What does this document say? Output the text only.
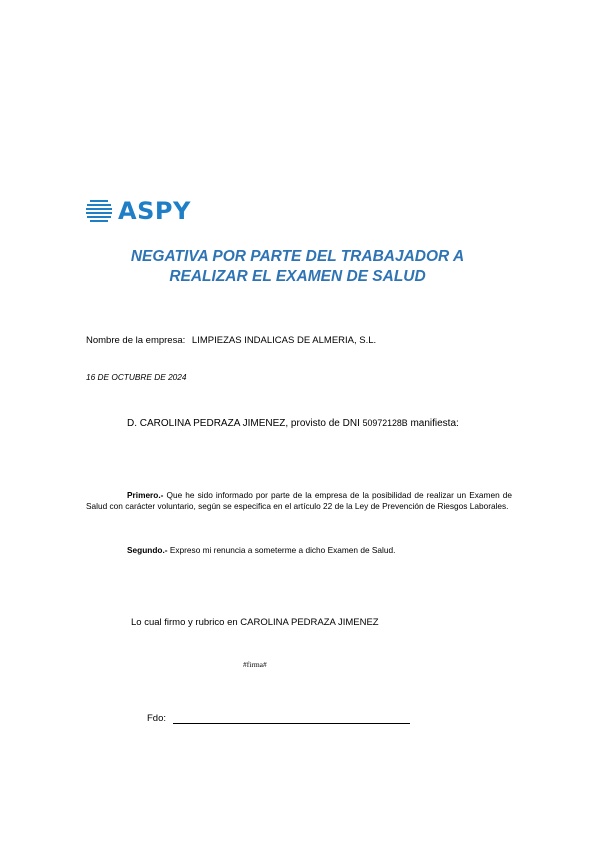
ASPY
NEGATIVA POR PARTE DEL TRABAJADOR A
REALIZAR EL EXAMEN DE SALUD
Nombre de la empresa: LIMPIEZAS INDALICAS DE ALMERIA, S.L.
16 DE OCTUBRE DE 2024
D. CAROLINA PEDRAZA JIMENEZ, provisto de DNI 50972128B manifiesta:
Primero.- Que he sido informado por parte de la empresa de la posibilidad de realizar un Examen de Salud con carácter voluntario, según se especifica en el artículo 22 de la Ley de Prevención de Riesgos Laborales.
Segundo.- Expreso mi renuncia a someterme a dicho Examen de Salud.
Lo cual firmo y rubrico en CAROLINA PEDRAZA JIMENEZ
#firma#
Fdo:
